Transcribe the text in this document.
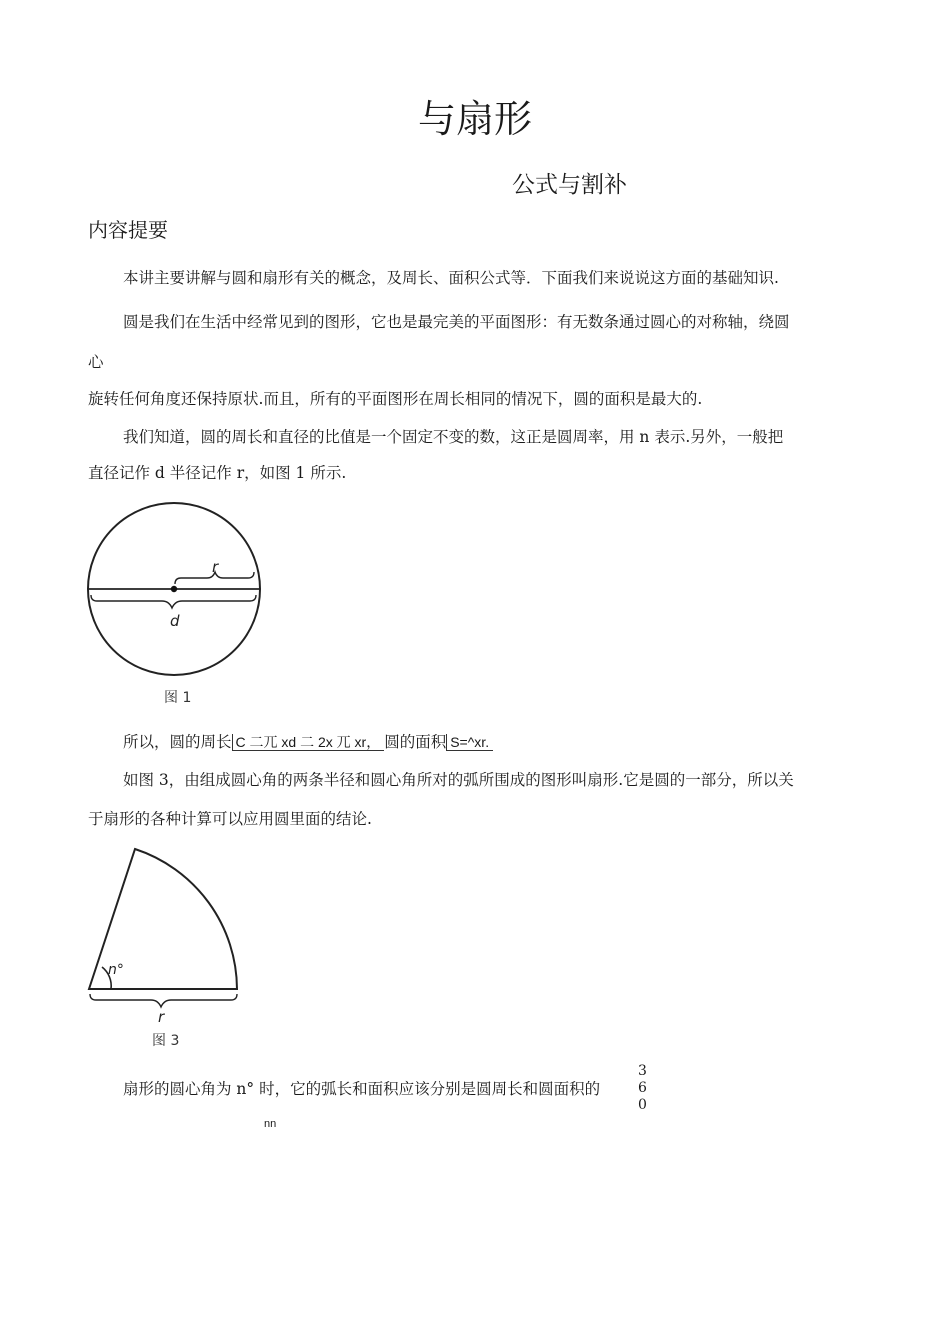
与扇形
公式与割补
内容提要
本讲主要讲解与圆和扇形有关的概念，及周长、面积公式等．下面我们来说说这方面的基础知识.
圆是我们在生活中经常见到的图形，它也是最完美的平面图形：有无数条通过圆心的对称轴，绕圆
心
旋转任何角度还保持原状.而且，所有的平面图形在周长相同的情况下，圆的面积是最大的.
我们知道，圆的周长和直径的比值是一个固定不变的数，这正是圆周率，用 n 表示.另外，一般把
直径记作 d 半径记作 r，如图 1 所示.
r
d
图 1
所以，圆的周长 C 二兀 xd 二 2x 兀 xr， 圆的面积 S=^xr.
如图 3，由组成圆心角的两条半径和圆心角所对的弧所围成的图形叫扇形.它是圆的一部分，所以关
于扇形的各种计算可以应用圆里面的结论.
n°
r
图 3
扇形的圆心角为 n° 时，它的弧长和面积应该分别是圆周长和圆面积的
3
6
0
nn
